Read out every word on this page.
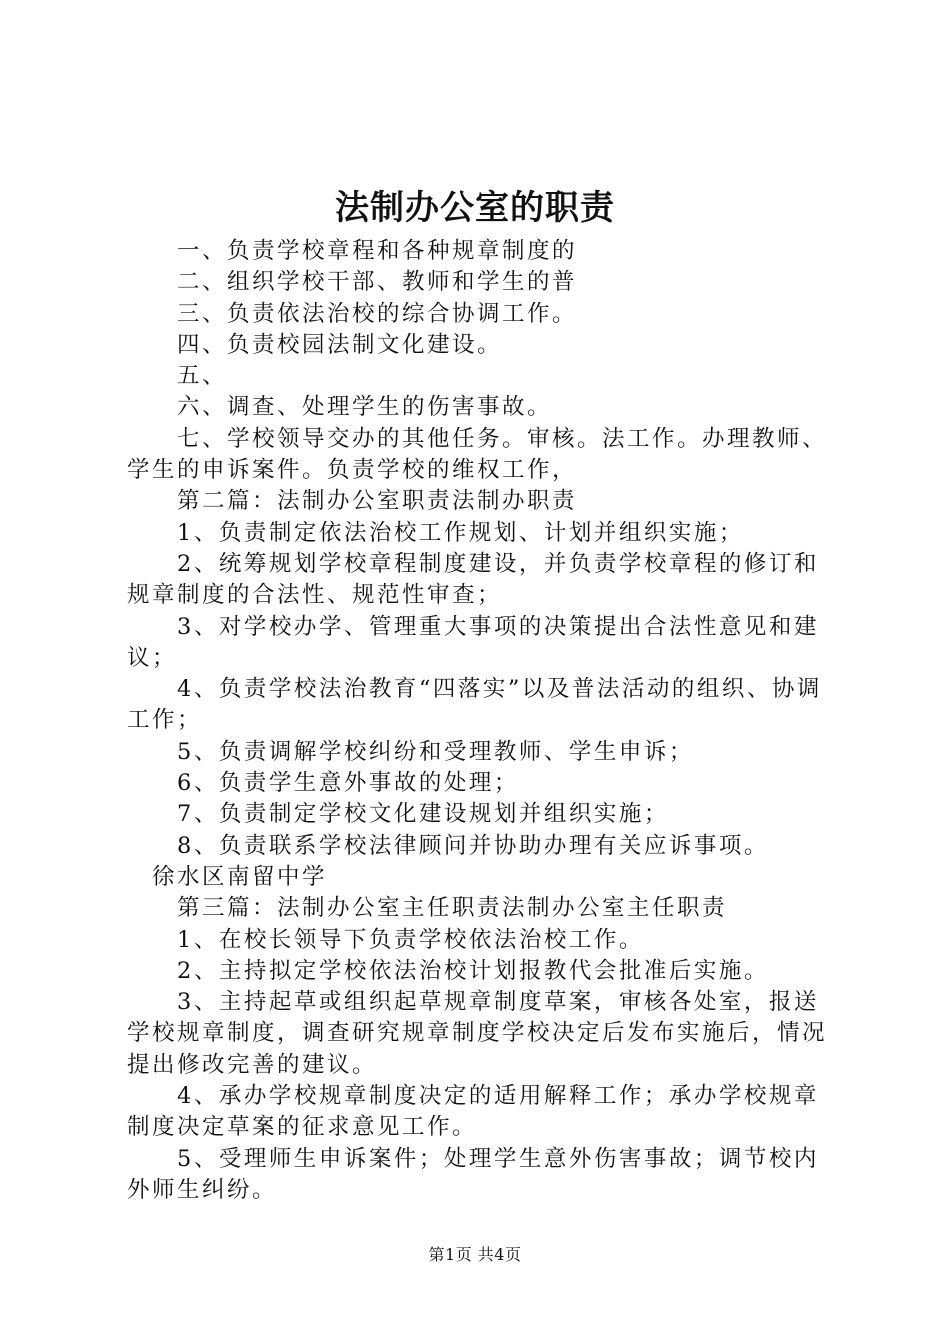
法制办公室的职责

一、负责学校章程和各种规章制度的

二、组织学校干部、教师和学生的普

三、负责依法治校的综合协调工作。

四、负责校园法制文化建设。

五、

六、调查、处理学生的伤害事故。

七、学校领导交办的其他任务。审核。法工作。办理教师、学生的申诉案件。负责学校的维权工作，

第二篇：法制办公室职责法制办职责

1、负责制定依法治校工作规划、计划并组织实施；

2、统筹规划学校章程制度建设，并负责学校章程的修订和规章制度的合法性、规范性审查；

3、对学校办学、管理重大事项的决策提出合法性意见和建议；

4、负责学校法治教育“四落实”以及普法活动的组织、协调工作；

5、负责调解学校纠纷和受理教师、学生申诉；

6、负责学生意外事故的处理；

7、负责制定学校文化建设规划并组织实施；

8、负责联系学校法律顾问并协助办理有关应诉事项。

徐水区南留中学

第三篇：法制办公室主任职责法制办公室主任职责

1、在校长领导下负责学校依法治校工作。

2、主持拟定学校依法治校计划报教代会批准后实施。

3、主持起草或组织起草规章制度草案，审核各处室，报送学校规章制度，调查研究规章制度学校决定后发布实施后，情况提出修改完善的建议。

4、承办学校规章制度决定的适用解释工作；承办学校规章制度决定草案的征求意见工作。

5、受理师生申诉案件；处理学生意外伤害事故；调节校内外师生纠纷。

第1页 共4页
